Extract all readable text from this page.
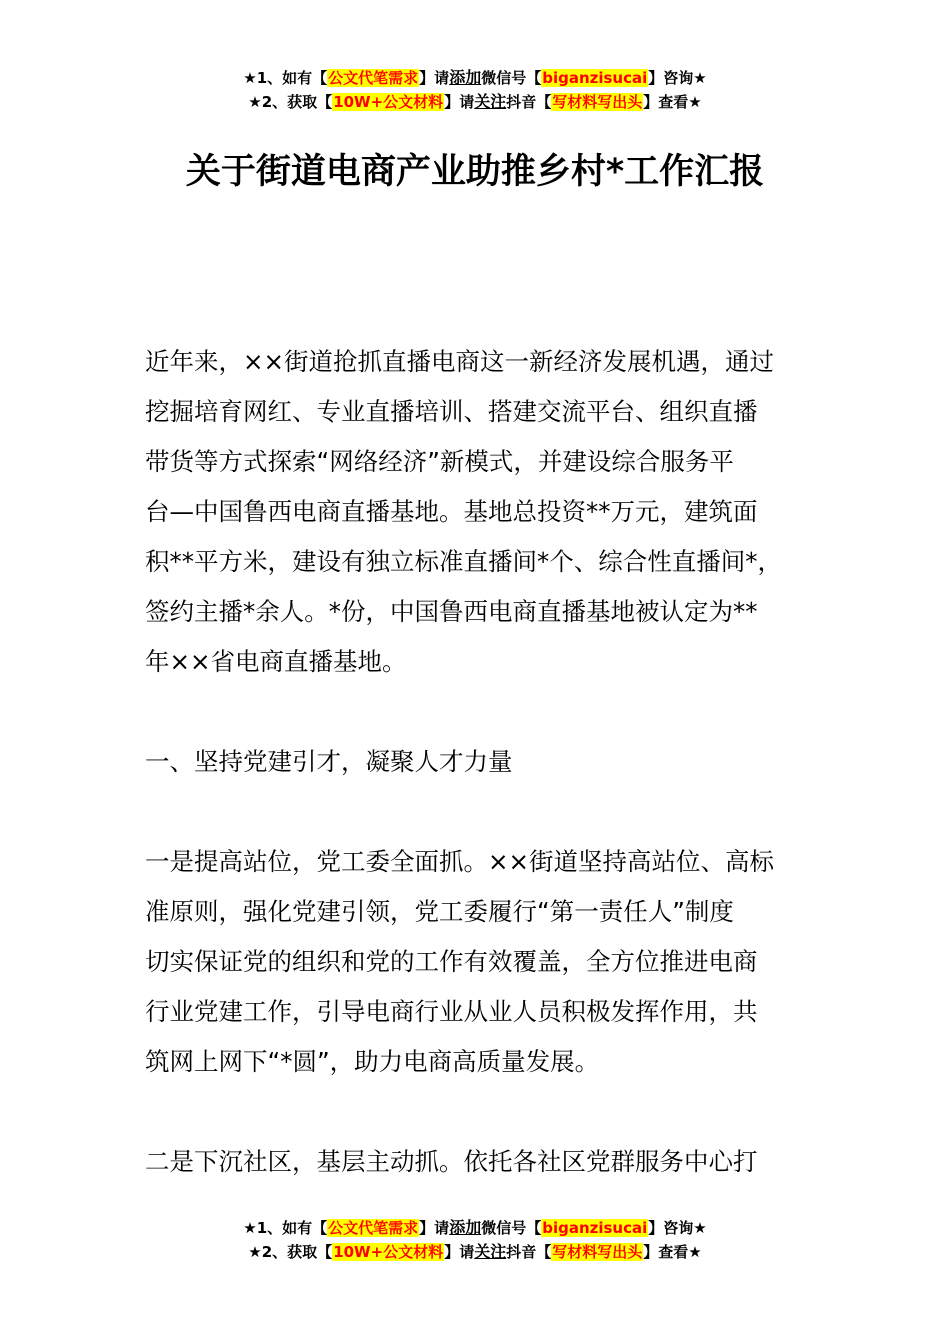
★1、如有【公文代笔需求】请添加微信号【biganzisucai】咨询★
★2、获取【10W+公文材料】请关注抖音【写材料写出头】查看★
关于街道电商产业助推乡村*工作汇报
近年来，××街道抢抓直播电商这一新经济发展机遇，通过
挖掘培育网红、专业直播培训、搭建交流平台、组织直播
带货等方式探索“网络经济”新模式，并建设综合服务平
台—中国鲁西电商直播基地。基地总投资**万元，建筑面
积**平方米，建设有独立标准直播间*个、综合性直播间*，
签约主播*余人。*份，中国鲁西电商直播基地被认定为**
年××省电商直播基地。
一、坚持党建引才，凝聚人才力量
一是提高站位，党工委全面抓。××街道坚持高站位、高标
准原则，强化党建引领，党工委履行“第一责任人”制度
切实保证党的组织和党的工作有效覆盖，全方位推进电商
行业党建工作，引导电商行业从业人员积极发挥作用，共
筑网上网下“*圆”，助力电商高质量发展。
二是下沉社区，基层主动抓。依托各社区党群服务中心打
★1、如有【公文代笔需求】请添加微信号【biganzisucai】咨询★
★2、获取【10W+公文材料】请关注抖音【写材料写出头】查看★
